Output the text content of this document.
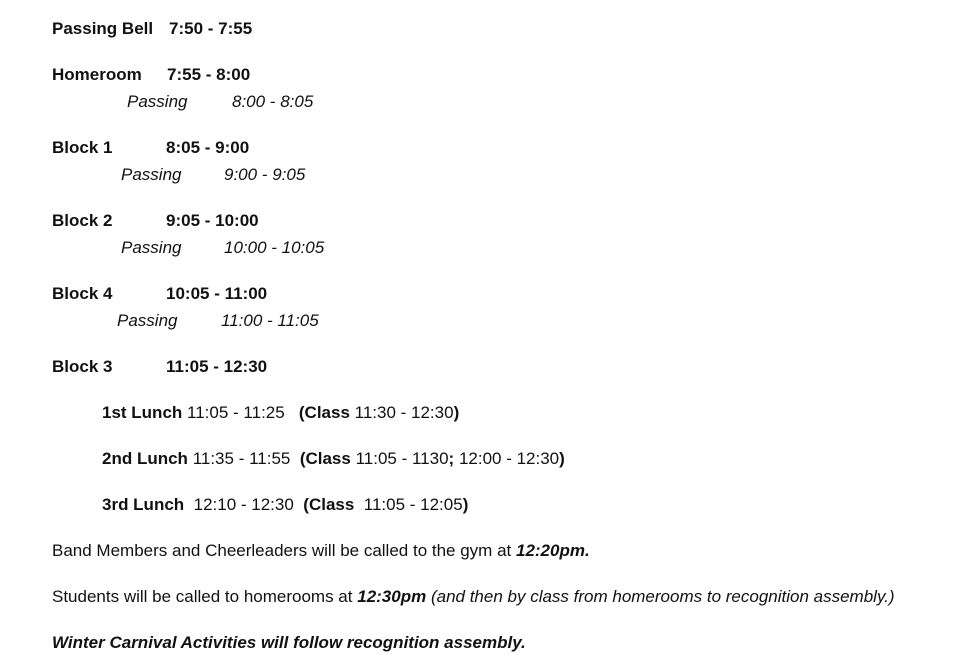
Passing Bell 7:50 - 7:55
Homeroom 7:55 - 8:00
Passing	8:00 - 8:05
Block 1	8:05 - 9:00
Passing	9:00 - 9:05
Block 2	9:05 - 10:00
Passing	10:00 - 10:05
Block 4	10:05 - 11:00
Passing	11:00 - 11:05
Block 3	11:05 - 12:30
1st Lunch 11:05 - 11:25 (Class 11:30 - 12:30)
2nd Lunch 11:35 - 11:55 (Class 11:05 - 1130; 12:00 - 12:30)
3rd Lunch 12:10 - 12:30 (Class 11:05 - 12:05)
Band Members and Cheerleaders will be called to the gym at 12:20pm.
Students will be called to homerooms at 12:30pm (and then by class from homerooms to recognition assembly.)
Winter Carnival Activities will follow recognition assembly.
